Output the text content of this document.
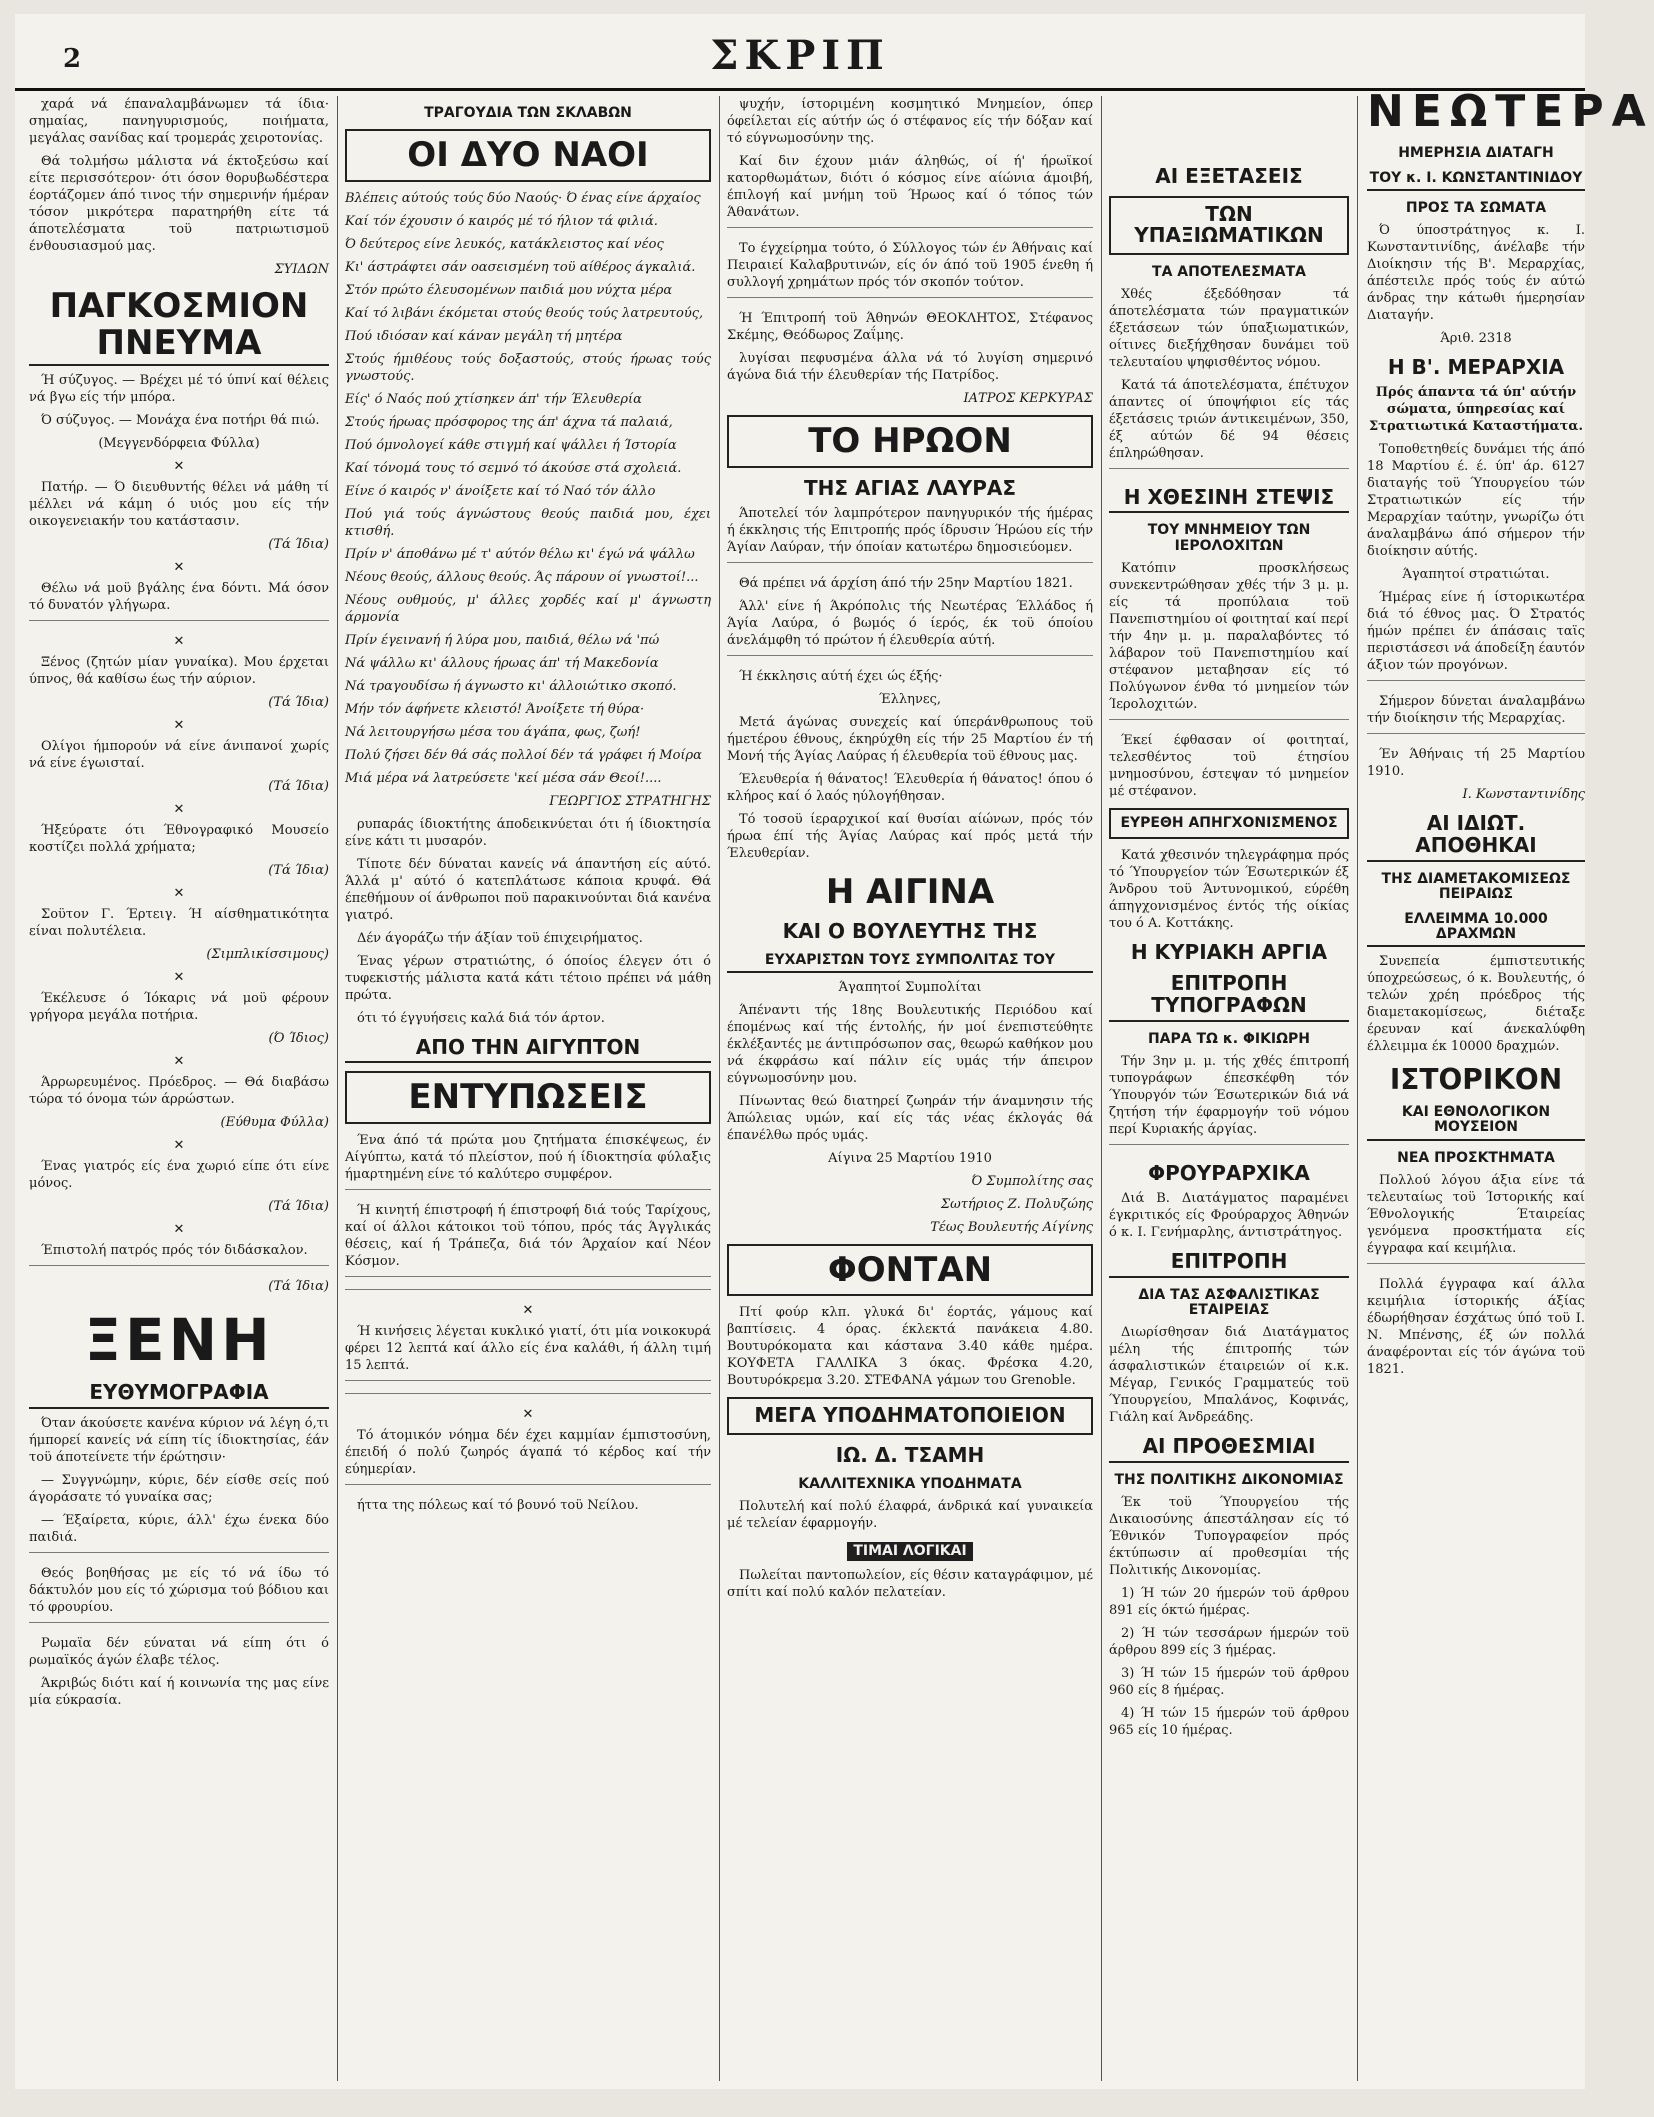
2	ΣΚΡΙΠ

χαρά νά έπαναλαμβάνωμεν τά ίδια· σημαίας, πανηγυρισμούς, ποιήματα, μεγάλας σανίδας καί τρομεράς χειροτονίας.

Θά τολμήσω μάλιστα νά έκτοξεύσω καί είτε περισσότερον· ότι όσον θορυβωδέστερα έορτάζομεν άπό τινος τήν σημερινήν ήμέραν τόσον μικρότερα παρατηρήθη είτε τά άποτελέσματα τοϋ πατριωτισμοϋ ένθουσιασμού μας.

ΣΥΙΔΩΝ

ΠΑΓΚΟΣΜΙΟΝ ΠΝΕΥΜΑ

Ή σύζυγος. — Βρέχει μέ τό ύπνί καί θέλεις νά βγω είς τήν μπόρα.

Ό σύζυγος. — Μονάχα ένα ποτήρι θά πιώ.

(Μεγγενδόρφεια Φύλλα)

✕

Πατήρ. — Ό διευθυντής θέλει νά μάθη τί μέλλει νά κάμη ό υιός μου είς τήν οικογενειακήν του κατάστασιν.

(Τά Ίδια)

✕

Θέλω νά μοϋ βγάλης ένα δόντι. Μά όσον τό δυνατόν γλήγωρα.

✕

Ξένος (ζητών μίαν γυναίκα). Μου έρχεται ύπνος, θά καθίσω έως τήν αύριον.

(Τά Ίδια)

✕

Ολίγοι ήμπορούν νά είνε άνιπανοί χωρίς νά είνε έγωισταί.

(Τά Ίδια)

✕

Ήξεύρατε ότι Έθνογραφικό Μουσείο κοστίζει πολλά χρήματα;

(Τά Ίδια)

✕

Σοϋτον Γ. Έρτειγ. Ή αίσθηματικότητα είναι πολυτέλεια.

(Σιμπλικίσσιμους)

✕

Έκέλευσε ό Ίόκαρις νά μοϋ φέρουν γρήγορα μεγάλα ποτήρια.

(Ό Ίδιος)

✕

Άρρωρευμένος. Πρόεδρος. — Θά διαβάσω τώρα τό όνομα τών άρρώστων.

(Εύθυμα Φύλλα)

✕

Ένας γιατρός είς ένα χωριό είπε ότι είνε μόνος.

(Τά Ίδια)

✕

Έπιστολή πατρός πρός τόν διδάσκαλον.

(Τά Ίδια)

ΞΕΝΗ
ΕΥΘΥΜΟΓΡΑΦΙΑ

Όταν άκούσετε κανένα κύριον νά λέγη ό,τι ήμπορεί κανείς νά είπη τίς ίδιοκτησίας, έάν τοϋ άποτείνετε τήν έρώτησιν·

— Συγγνώμην, κύριε, δέν είσθε σείς πού άγοράσατε τό γυναίκα σας;

— Έξαίρετα, κύριε, άλλ' έχω ένεκα δύο παιδιά.

Θεός βοηθήσας με είς τό νά ίδω τό δάκτυλόν μου είς τό χώρισμα τού βόδιου και τό φρουρίου.

Ρωμαϊα δέν εύναται νά είπη ότι ό ρωμαϊκός άγών έλαβε τέλος.

Άκριβώς διότι καί ή κοινωνία της μας είνε μία εύκρασία.

ΤΡΑΓΟΥΔΙΑ ΤΩΝ ΣΚΛΑΒΩΝ
ΟΙ ΔΥΟ ΝΑΟΙ

Βλέπεις αύτούς τούς δύο Ναούς· Ό ένας είνε άρχαίος

Καί τόν έχουσιν ό καιρός μέ τό ήλιον τά φιλιά.

Ό δεύτερος είνε λευκός, κατάκλειστος καί νέος

Κι' άστράφτει σάν οασεισμένη τοϋ αίθέρος άγκαλιά.

Στόν πρώτο έλευσομένων παιδιά μου νύχτα μέρα

Καί τό λιβάνι έκόμεται στούς θεούς τούς λατρευτούς,

Πού ιδιόσαν καί κάναν μεγάλη τή μητέρα

Στούς ήμιθέους τούς δοξαστούς, στούς ήρωας τούς γνωστούς.

Είς' ό Ναός πού χτίσηκεν άπ' τήν Έλευθερία

Στούς ήρωας πρόσφορος της άπ' άχνα τά παλαιά,

Πού όμνολογεί κάθε στιγμή καί ψάλλει ή Ίστορία

Καί τόνομά τους τό σεμνό τό άκούσε στά σχολειά.

Είνε ό καιρός ν' άνοίξετε καί τό Ναό τόν άλλο

Πού γιά τούς άγνώστους θεούς παιδιά μου, έχει κτισθή.

Πρίν ν' άποθάνω μέ τ' αύτόν θέλω κι' έγώ νά ψάλλω

Νέους θεούς, άλλους θεούς. Άς πάρουν οί γνωστοί!...

Νέους ουθμούς, μ' άλλες χορδές καί μ' άγνωστη άρμονία

Πρίν έγεινανή ή λύρα μου, παιδιά, θέλω νά 'πώ

Νά ψάλλω κι' άλλους ήρωας άπ' τή Μακεδονία

Νά τραγουδίσω ή άγνωστο κι' άλλοιώτικο σκοπό.

Μήν τόν άφήνετε κλειστό! Άνοίξετε τή θύρα·

Νά λειτουργήσω μέσα του άγάπα, φως, ζωή!

Πολύ ζήσει δέν θά σάς πολλοί δέν τά γράφει ή Μοίρα

Μιά μέρα νά λατρεύσετε 'κεί μέσα σάν Θεοί!....

ΓΕΩΡΓΙΟΣ ΣΤΡΑΤΗΓΗΣ

ρυπαράς ίδιοκτήτης άποδεικνύεται ότι ή ίδιοκτησία είνε κάτι τι μυσαρόν.

Τίποτε δέν δύναται κανείς νά άπαντήση είς αύτό. Άλλά μ' αύτό ό κατεπλάτωσε κάποια κρυφά. Θά έπεθήμουν οί άνθρωποι ποϋ παρακινούνται διά κανένα γιατρό.

Δέν άγοράζω τήν άξίαν τοϋ έπιχειρήματος.

Ένας γέρων στρατιώτης, ό όποίος έλεγεν ότι ό τυφεκιστής μάλιστα κατά κάτι τέτοιο πρέπει νά μάθη πρώτα.

ότι τό έγγυήσεις καλά διά τόν άρτον.

ΑΠΟ ΤΗΝ ΑΙΓΥΠΤΟΝ
ΕΝΤΥΠΩΣΕΙΣ

Ένα άπό τά πρώτα μου ζητήματα έπισκέψεως, έν Αίγύπτω, κατά τό πλείστον, πού ή ίδιοκτησία φύλαξις ήμαρτημένη είνε τό καλύτερο συμφέρον.

Ή κινητή έπιστροφή ή έπιστροφή διά τούς Ταρίχους, καί οί άλλοι κάτοικοι τοϋ τόπου, πρός τάς Άγγλικάς θέσεις, καί ή Τράπεζα, διά τόν Άρχαίον καί Νέον Κόσμον.

✕

Ή κινήσεις λέγεται κυκλικό γιατί, ότι μία νοικοκυρά φέρει 12 λεπτά καί άλλο είς ένα καλάθι, ή άλλη τιμή 15 λεπτά.

✕

Τό άτομικόν νόημα δέν έχει καμμίαν έμπιστοσύνη, έπειδή ό πολύ ζωηρός άγαπά τό κέρδος καί τήν εύημερίαν.

ήττα της πόλεως καί τό βουνό τοϋ Νείλου.

ψυχήν, ίστοριμένη κοσμητικό Μνημείον, όπερ όφείλεται είς αύτήν ώς ό στέφανος είς τήν δόξαν καί τό εύγνωμοσύνην της.

Καί διν έχουν μιάν άληθώς, οί ή' ήρωϊκοί κατορθωμάτων, διότι ό κόσμος είνε αίώνια άμοιβή, έπιλογή καί μνήμη τοϋ Ήρωος καί ό τόπος τών Άθανάτων.

Το έγχείρημα τούτο, ό Σύλλογος τών έν Άθήναις καί Πειραιεί Καλαβρυτινών, είς όν άπό τοϋ 1905 ένεθη ή συλλογή χρημάτων πρός τόν σκοπόν τούτον.

Ή Έπιτροπή τοϋ Άθηνών ΘΕΟΚΛΗΤΟΣ, Στέφανος Σκέμης, Θεόδωρος Ζαΐμης.

λυγίσαι πεφυσμένα άλλα νά τό λυγίση σημερινό άγώνα διά τήν έλευθερίαν τής Πατρίδος.

ΙΑΤΡΟΣ ΚΕΡΚΥΡΑΣ

ΤΟ ΗΡΩΟΝ
ΤΗΣ ΑΓΙΑΣ ΛΑΥΡΑΣ

Άποτελεί τόν λαμπρότερον πανηγυρικόν τής ήμέρας ή έκκλησις τής Επιτροπής πρός ίδρυσιν Ήρώου είς τήν Άγίαν Λαύραν, τήν όποίαν κατωτέρω δημοσιεύομεν.

Θά πρέπει νά άρχίση άπό τήν 25ην Μαρτίου 1821.

Άλλ' είνε ή Άκρόπολις τής Νεωτέρας Έλλάδος ή Άγία Λαύρα, ό βωμός ό ίερός, έκ τοϋ όποίου άνελάμφθη τό πρώτον ή έλευθερία αύτή.

Ή έκκλησις αύτή έχει ώς έξής·

Έλληνες,

Μετά άγώνας συνεχείς καί ύπεράνθρωπους τοϋ ήμετέρου έθνους, έκηρύχθη είς τήν 25 Μαρτίου έν τή Μονή τής Άγίας Λαύρας ή έλευθερία τοϋ έθνους μας.

Έλευθερία ή θάνατος! Έλευθερία ή θάνατος! όπου ό κλήρος καί ό λαός ηύλογήθησαν.

Τό τοσοϋ ίεραρχικοί καί θυσίαι αίώνων, πρός τόν ήρωα έπί τής Άγίας Λαύρας καί πρός μετά τήν Έλευθερίαν.

Η ΑΙΓΙΝΑ
ΚΑΙ Ο ΒΟΥΛΕΥΤΗΣ ΤΗΣ
ΕΥΧΑΡΙΣΤΩΝ ΤΟΥΣ ΣΥΜΠΟΛΙΤΑΣ ΤΟΥ

Άγαπητοί Συμπολίται

Άπέναντι τής 18ης Βουλευτικής Περιόδου καί έπομένως καί τής έντολής, ήν μοί ένεπιστεύθητε έκλέξαντές με άντιπρόσωπον σας, θεωρώ καθήκον μου νά έκφράσω καί πάλιν είς υμάς τήν άπειρον εύγνωμοσύνην μου.

Πίνωντας θεώ διατηρεί ζωηράν τήν άναμνησιν τής Άπώλειας υμών, καί είς τάς νέας έκλογάς θά έπανέλθω πρός υμάς.

Αίγινα 25 Μαρτίου 1910

Ό Συμπολίτης σας

Σωτήριος Ζ. Πολυζώης

Τέως Βουλευτής Αίγίνης

ΦΟΝΤΑΝ

Πτί φούρ κλπ. γλυκά δι' έορτάς, γάμους καί βαπτίσεις. 4 όρας. έκλεκτά πανάκεια 4.80. Βουτυρόκοματα και κάστανα 3.40 κάθε ημέρα. ΚΟΥΦΕΤΑ ΓΑΛΛΙΚΑ 3 όκας. Φρέσκα 4.20, Βουτυρόκρεμα 3.20. ΣΤΕΦΑΝΑ γάμων του Grenoble.

ΜΕΓΑ ΥΠΟΔΗΜΑΤΟΠΟΙΕΙΟΝ
ΙΩ. Δ. ΤΣΑΜΗ
ΚΑΛΛΙΤΕΧΝΙΚΑ ΥΠΟΔΗΜΑΤΑ

Πολυτελή καί πολύ έλαφρά, άνδρικά καί γυναικεία μέ τελείαν έφαρμογήν.

ΤΙΜΑΙ ΛΟΓΙΚΑΙ

Πωλείται παντοπωλείον, είς θέσιν καταγράφιμον, μέ σπίτι καί πολύ καλόν πελατείαν.

ΑΙ ΕΞΕΤΑΣΕΙΣ
ΤΩΝ ΥΠΑΞΙΩΜΑΤΙΚΩΝ
ΤΑ ΑΠΟΤΕΛΕΣΜΑΤΑ

Χθές έξεδόθησαν τά άποτελέσματα τών πραγματικών έξετάσεων τών ύπαξιωματικών, οίτινες διεξήχθησαν δυνάμει τοϋ τελευταίου ψηφισθέντος νόμου.

Κατά τά άποτελέσματα, έπέτυχον άπαντες οί ύποψήφιοι είς τάς έξετάσεις τριών άντικειμένων, 350, έξ αύτών δέ 94 θέσεις έπληρώθησαν.

Η ΧΘΕΣΙΝΗ ΣΤΕΨΙΣ
ΤΟΥ ΜΝΗΜΕΙΟΥ ΤΩΝ ΙΕΡΟΛΟΧΙΤΩΝ

Κατόπιν προσκλήσεως συνεκεντρώθησαν χθές τήν 3 μ. μ. είς τά προπύλαια τοϋ Πανεπιστημίου οί φοιτηταί καί περί τήν 4ην μ. μ. παραλαβόντες τό λάβαρον τοϋ Πανεπιστημίου καί στέφανον μεταβησαν είς τό Πολύγωνον ένθα τό μνημείον τών Ίερολοχιτών.

Έκεί έφθασαν οί φοιτηταί, τελεσθέντος τοϋ έτησίου μνημοσύνου, έστεψαν τό μνημείον μέ στέφανον.

ΕΥΡΕΘΗ ΑΠΗΓΧΟΝΙΣΜΕΝΟΣ

Κατά χθεσινόν τηλεγράφημα πρός τό Ύπουργείον τών Έσωτερικών έξ Άνδρου τοϋ Άντυνομικού, εύρέθη άπηγχονισμένος έντός τής οίκίας του ό Α. Κοττάκης.

Η ΚΥΡΙΑΚΗ ΑΡΓΙΑ
ΕΠΙΤΡΟΠΗ ΤΥΠΟΓΡΑΦΩΝ
ΠΑΡΑ ΤΩ κ. ΦΙΚΙΩΡΗ

Τήν 3ην μ. μ. τής χθές έπιτροπή τυπογράφων έπεσκέφθη τόν Ύπουργόν τών Έσωτερικών διά νά ζητήση τήν έφαρμογήν τοϋ νόμου περί Κυριακής άργίας.

ΦΡΟΥΡΑΡΧΙΚΑ

Διά Β. Διατάγματος παραμένει έγκριτικός είς Φρούραρχος Άθηνών ό κ. Ι. Γενήμαρλης, άντιστράτηγος.

ΕΠΙΤΡΟΠΗ
ΔΙΑ ΤΑΣ ΑΣΦΑΛΙΣΤΙΚΑΣ ΕΤΑΙΡΕΙΑΣ

Διωρίσθησαν διά Διατάγματος μέλη τής έπιτροπής τών άσφαλιστικών έταιρειών οί κ.κ. Μέγαρ, Γενικός Γραμματεύς τοϋ Ύπουργείου, Μπαλάνος, Κοφινάς, Γιάλη καί Άνδρεάδης.

ΑΙ ΠΡΟΘΕΣΜΙΑΙ
ΤΗΣ ΠΟΛΙΤΙΚΗΣ ΔΙΚΟΝΟΜΙΑΣ

Έκ τοϋ Ύπουργείου τής Δικαιοσύνης άπεστάλησαν είς τό Έθνικόν Τυπογραφείον πρός έκτύπωσιν αί προθεσμίαι τής Πολιτικής Δικονομίας.

1) Ή τών 20 ήμερών τοϋ άρθρου 891 είς όκτώ ήμέρας.

2) Ή τών τεσσάρων ήμερών τοϋ άρθρου 899 είς 3 ήμέρας.

3) Ή τών 15 ήμερών τοϋ άρθρου 960 είς 8 ήμέρας.

4) Ή τών 15 ήμερών τοϋ άρθρου 965 είς 10 ήμέρας.

ΝΕΩΤΕΡΑ
ΗΜΕΡΗΣΙΑ ΔΙΑΤΑΓΗ
ΤΟΥ κ. Ι. ΚΩΝΣΤΑΝΤΙΝΙΔΟΥ
ΠΡΟΣ ΤΑ ΣΩΜΑΤΑ

Ό ύποστράτηγος κ. Ι. Κωνσταντινίδης, άνέλαβε τήν Διοίκησιν τής Β'. Μεραρχίας, άπέστειλε πρός τούς έν αύτώ άνδρας την κάτωθι ήμερησίαν Διαταγήν.

Άριθ. 2318

Η Β'. ΜΕΡΑΡΧΙΑ

Πρός άπαντα τά ύπ' αύτήν σώματα, ύπηρεσίας καί Στρατιωτικά Καταστήματα.

Τοποθετηθείς δυνάμει τής άπό 18 Μαρτίου έ. έ. ύπ' άρ. 6127 διαταγής τοϋ Ύπουργείου τών Στρατιωτικών είς τήν Μεραρχίαν ταύτην, γνωρίζω ότι άναλαμβάνω άπό σήμερον τήν διοίκησιν αύτής.

Άγαπητοί στρατιώται.

Ήμέρας είνε ή ίστορικωτέρα διά τό έθνος μας. Ό Στρατός ήμών πρέπει έν άπάσαις ταϊς περιστάσεσι νά άποδείξη έαυτόν άξιον τών προγόνων.

Σήμερον δύνεται άναλαμβάνω τήν διοίκησιν τής Μεραρχίας.

Έν Άθήναις τή 25 Μαρτίου 1910.

Ι. Κωνσταντινίδης

ΑΙ ΙΔΙΩΤ. ΑΠΟΘΗΚΑΙ
ΤΗΣ ΔΙΑΜΕΤΑΚΟΜΙΣΕΩΣ ΠΕΙΡΑΙΩΣ
ΕΛΛΕΙΜΜΑ 10.000 ΔΡΑΧΜΩΝ

Συνεπεία έμπιστευτικής ύποχρεώσεως, ό κ. Βουλευτής, ό τελών χρέη πρόεδρος τής διαμετακομίσεως, διέταξε έρευναν καί άνεκαλύφθη έλλειμμα έκ 10000 δραχμών.

ΙΣΤΟΡΙΚΟΝ
ΚΑΙ ΕΘΝΟΛΟΓΙΚΟΝ ΜΟΥΣΕΙΟΝ
ΝΕΑ ΠΡΟΣΚΤΗΜΑΤΑ

Πολλού λόγου άξια είνε τά τελευταίως τοϋ Ίστορικής καί Έθνολογικής Έταιρείας γενόμενα προσκτήματα είς έγγραφα καί κειμήλια.

Πολλά έγγραφα καί άλλα κειμήλια ίστορικής άξίας έδωρήθησαν έσχάτως ύπό τοϋ Ι. Ν. Μπένσης, έξ ών πολλά άναφέρονται είς τόν άγώνα τοϋ 1821.
